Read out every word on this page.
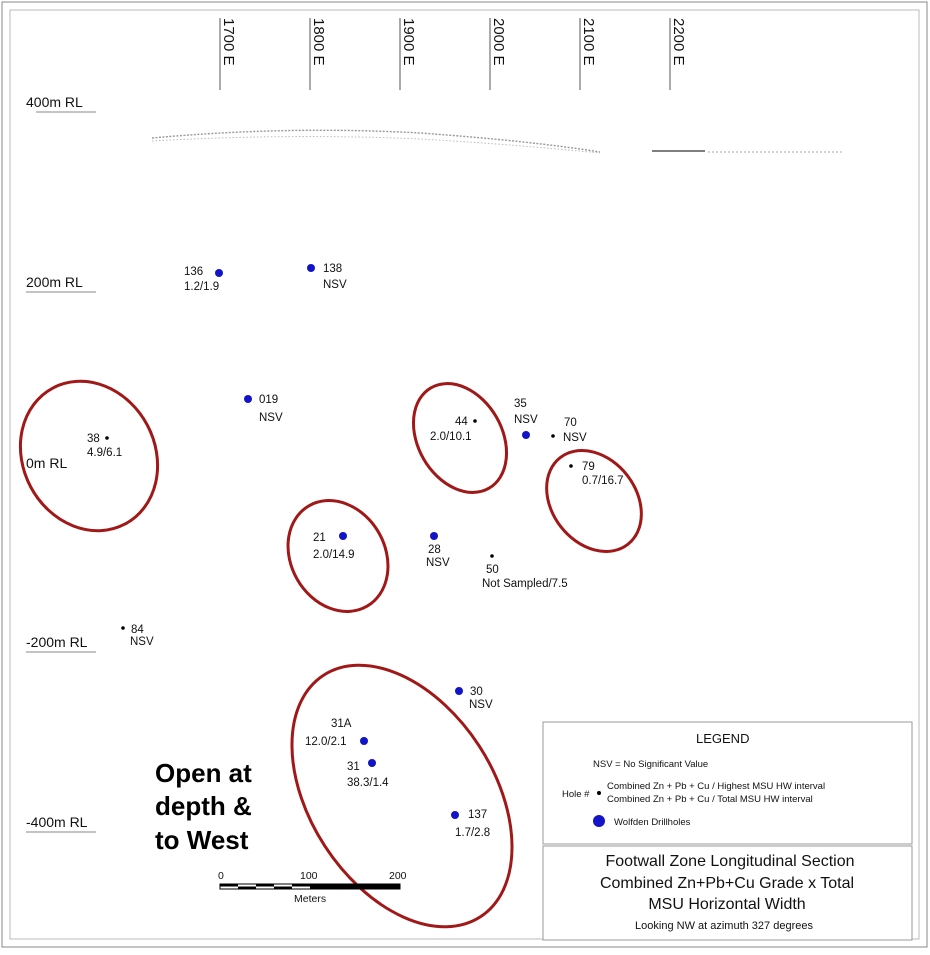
1700 E	1800 E	1900 E	2000 E	2100 E	2200 E
400m RL
200m RL
0m RL
-200m RL
-400m RL
136
1.2/1.9
138
NSV
019
NSV
38
4.9/6.1
44
2.0/10.1
35
NSV 70
NSV
79
0.7/16.7
21
2.0/14.9	28
NSV
50
Not Sampled/7.5
84
NSV
30
NSV
31A
12.0/2.1
31
38.3/1.4
137
1.7/2.8
Open at
depth &
to West
0	100	200
Meters
LEGEND
NSV = No Significant Value
Hole #
Combined Zn + Pb + Cu / Highest MSU HW interval
Combined Zn + Pb + Cu / Total MSU HW interval
Wolfden Drillholes
Footwall Zone Longitudinal Section
Combined Zn+Pb+Cu Grade x Total
MSU Horizontal Width
Looking NW at azimuth 327 degrees
